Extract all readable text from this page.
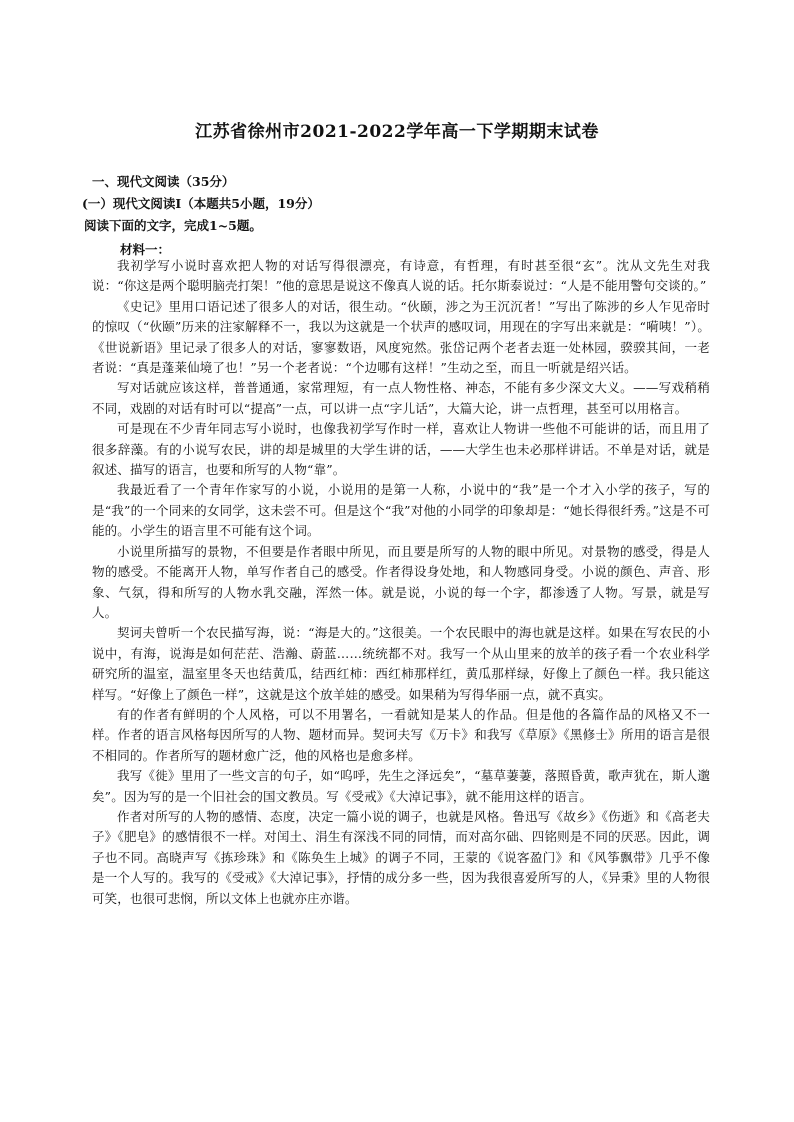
江苏省徐州市2021-2022学年高一下学期期末试卷
一、现代文阅读（35分）
(一）现代文阅读Ⅰ（本题共5小题，19分）
阅读下面的文字，完成1~5题。
材料一：

我初学写小说时喜欢把人物的对话写得很漂亮，有诗意，有哲理，有时甚至很“玄”。沈从文先生对我说：“你这是两个聪明脑壳打架！”他的意思是说这不像真人说的话。托尔斯泰说过：“人是不能用警句交谈的。”

《史记》里用口语记述了很多人的对话，很生动。“伙颐，涉之为王沉沉者！”写出了陈涉的乡人乍见帝时的惊叹（“伙颐”历来的注家解释不一，我以为这就是一个状声的感叹词，用现在的字写出来就是：“嗬咦！”）。《世说新语》里记录了很多人的对话，寥寥数语，风度宛然。张岱记两个老者去逛一处林园，骙骙其间，一老者说：“真是蓬莱仙境了也！”另一个老者说：“个边哪有这样！”生动之至，而且一听就是绍兴话。

写对话就应该这样，普普通通，家常理短，有一点人物性格、神态，不能有多少深文大义。——写戏稍稍不同，戏剧的对话有时可以“提高”一点，可以讲一点“字儿话”，大篇大论，讲一点哲理，甚至可以用格言。

可是现在不少青年同志写小说时，也像我初学写作时一样，喜欢让人物讲一些他不可能讲的话，而且用了很多辞藻。有的小说写农民，讲的却是城里的大学生讲的话，——大学生也未必那样讲话。不单是对话，就是叙述、描写的语言，也要和所写的人物“靠”。

我最近看了一个青年作家写的小说，小说用的是第一人称，小说中的“我”是一个才入小学的孩子，写的是“我”的一个同来的女同学，这未尝不可。但是这个“我”对他的小同学的印象却是：“她长得很纤秀。”这是不可能的。小学生的语言里不可能有这个词。

小说里所描写的景物，不但要是作者眼中所见，而且要是所写的人物的眼中所见。对景物的感受，得是人物的感受。不能离开人物，单写作者自己的感受。作者得设身处地，和人物感同身受。小说的颜色、声音、形象、气氛，得和所写的人物水乳交融，浑然一体。就是说，小说的每一个字，都渗透了人物。写景，就是写人。

契诃夫曾听一个农民描写海，说：“海是大的。”这很美。一个农民眼中的海也就是这样。如果在写农民的小说中，有海，说海是如何茫茫、浩瀚、蔚蓝……统统都不对。我写一个从山里来的放羊的孩子看一个农业科学研究所的温室，温室里冬天也结黄瓜，结西红柿：西红柿那样红，黄瓜那样绿，好像上了颜色一样。我只能这样写。“好像上了颜色一样”，这就是这个放羊娃的感受。如果稍为写得华丽一点，就不真实。

有的作者有鲜明的个人风格，可以不用署名，一看就知是某人的作品。但是他的各篇作品的风格又不一样。作者的语言风格每因所写的人物、题材而异。契诃夫写《万卡》和我写《草原》《黑修士》所用的语言是很不相同的。作者所写的题材愈广泛，他的风格也是愈多样。

我写《徙》里用了一些文言的句子，如“呜呼，先生之泽远矣”，“墓草萋萋，落照昏黄，歌声犹在，斯人邈矣”。因为写的是一个旧社会的国文教员。写《受戒》《大淖记事》，就不能用这样的语言。

作者对所写的人物的感情、态度，决定一篇小说的调子，也就是风格。鲁迅写《故乡》《伤逝》和《高老夫子》《肥皂》的感情很不一样。对闰土、涓生有深浅不同的同情，而对高尔础、四铭则是不同的厌恶。因此，调子也不同。高晓声写《拣珍珠》和《陈奂生上城》的调子不同，王蒙的《说客盈门》和《风筝飘带》几乎不像是一个人写的。我写的《受戒》《大淖记事》，抒情的成分多一些，因为我很喜爱所写的人，《异秉》里的人物很可笑，也很可悲悯，所以文体上也就亦庄亦谐。
